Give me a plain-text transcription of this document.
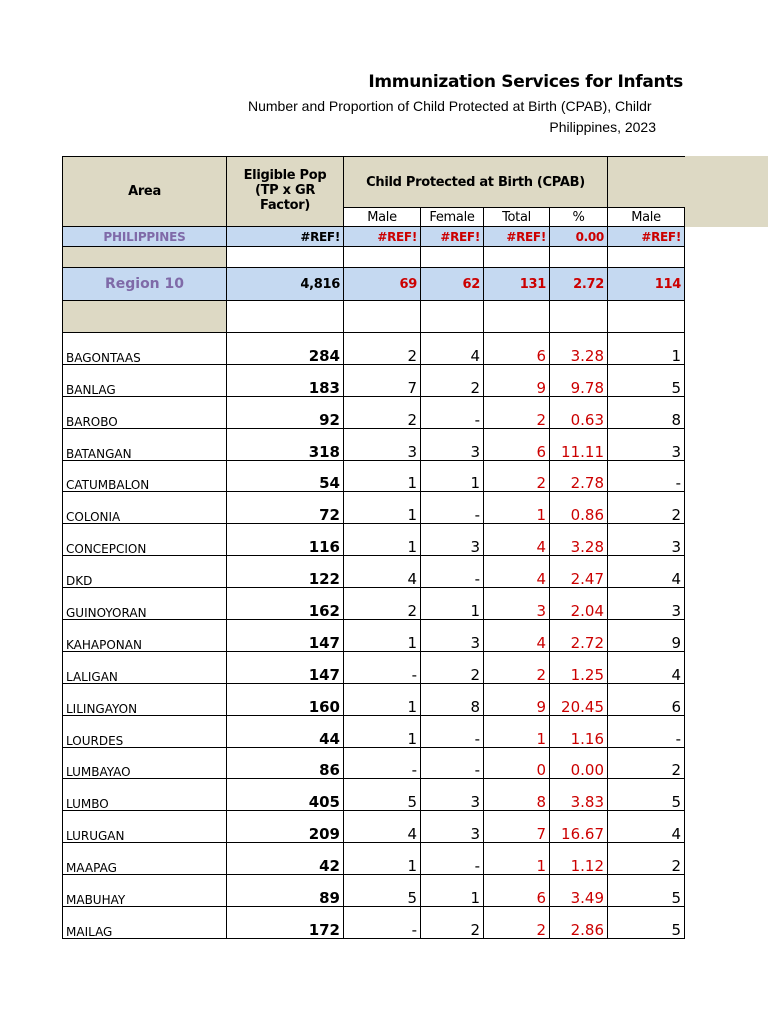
Immunization Services for Infants
Number and Proportion of Child Protected at Birth (CPAB), Childr
Philippines, 2023
Area	Eligible Pop (TP x GR Factor)	Child Protected at Birth (CPAB)				
		Male	Female	Total	%	Male
PHILIPPINES	#REF!	#REF!	#REF!	#REF!	0.00	#REF!

Region 10	4,816	69	62	131	2.72	114

BAGONTAAS	284	2	4	6	3.28	1
BANLAG	183	7	2	9	9.78	5
BAROBO	92	2	-	2	0.63	8
BATANGAN	318	3	3	6	11.11	3
CATUMBALON	54	1	1	2	2.78	-
COLONIA	72	1	-	1	0.86	2
CONCEPCION	116	1	3	4	3.28	3
DKD	122	4	-	4	2.47	4
GUINOYORAN	162	2	1	3	2.04	3
KAHAPONAN	147	1	3	4	2.72	9
LALIGAN	147	-	2	2	1.25	4
LILINGAYON	160	1	8	9	20.45	6
LOURDES	44	1	-	1	1.16	-
LUMBAYAO	86	-	-	0	0.00	2
LUMBO	405	5	3	8	3.83	5
LURUGAN	209	4	3	7	16.67	4
MAAPAG	42	1	-	1	1.12	2
MABUHAY	89	5	1	6	3.49	5
MAILAG	172	-	2	2	2.86	5
